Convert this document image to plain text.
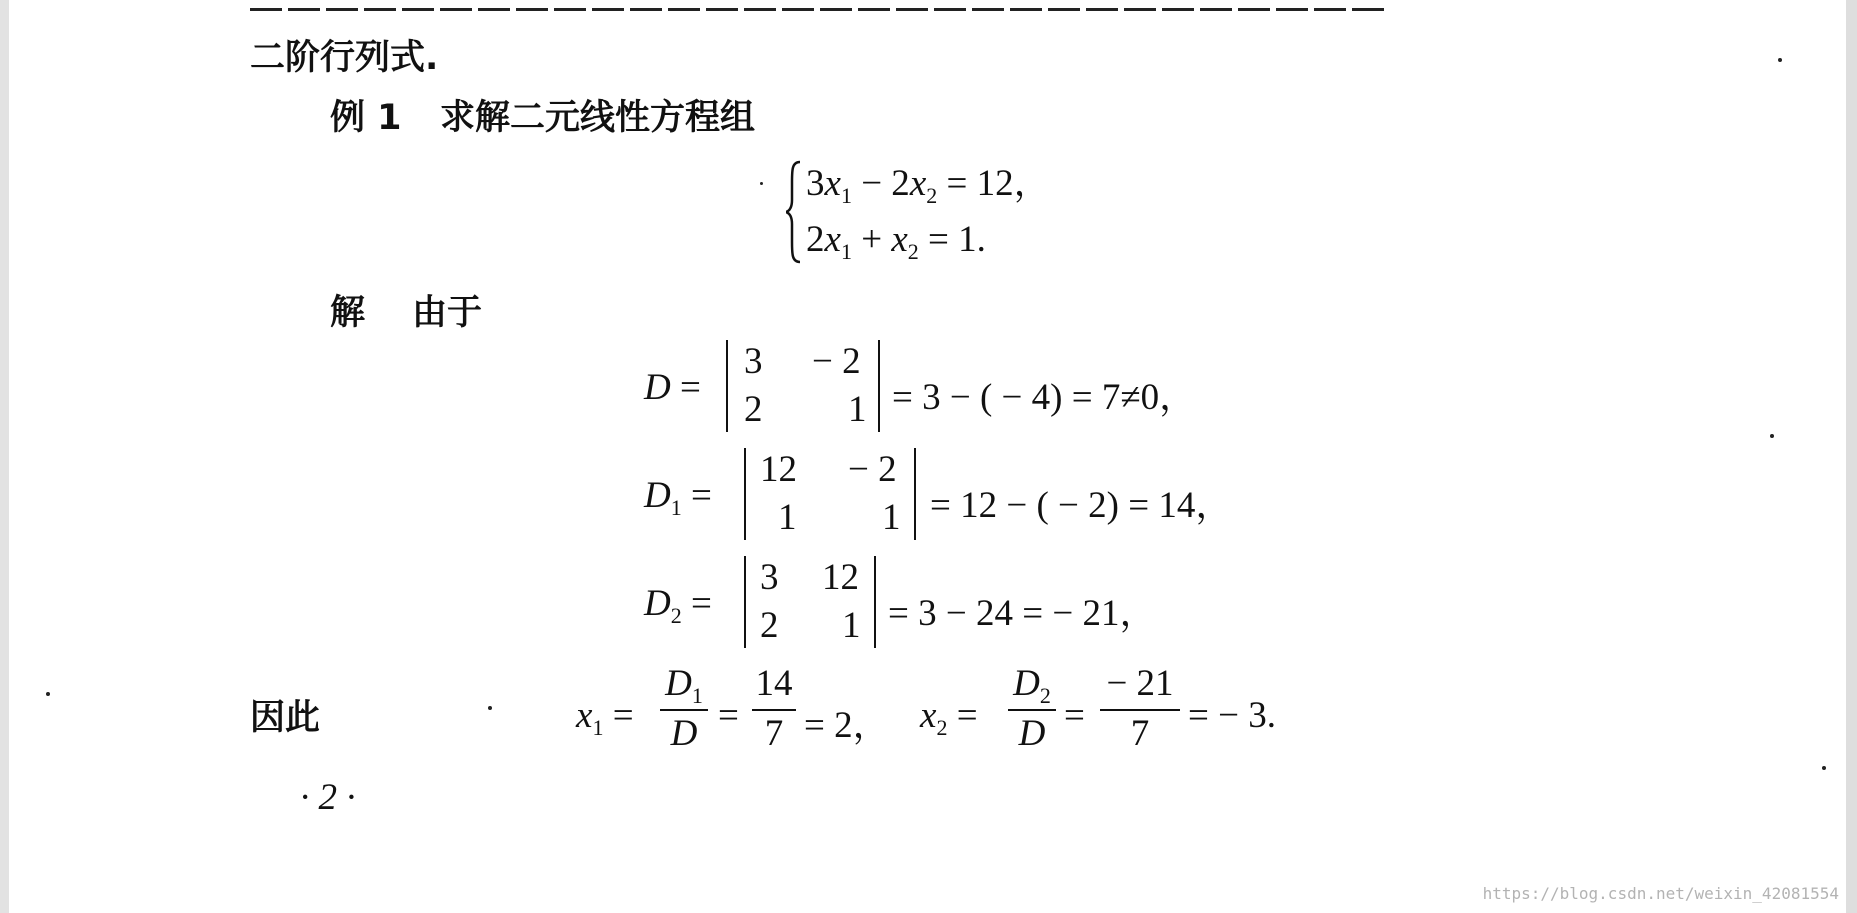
二阶行列式.
例 1 求解二元线性方程组
$3x_1 - 2x_2 = 12$，
$2x_1 + x_2 = 1$.
解 由于
D =
3 − 2
2 1 = 3 − ( − 4) = 7≠0，
$D_1$ =
12 − 2
1 1 = 12 − ( − 2) = 14，
$D_2$ =
3 12
2 1 = 3 − 24 = − 21，
因此	$x_1$ =
$D_1$
D =
14
7 = 2， $x_2$ =
$D_2$
D =
− 21
7	= − 3.
· 2 ·
https://blog.csdn.net/weixin_42081554
